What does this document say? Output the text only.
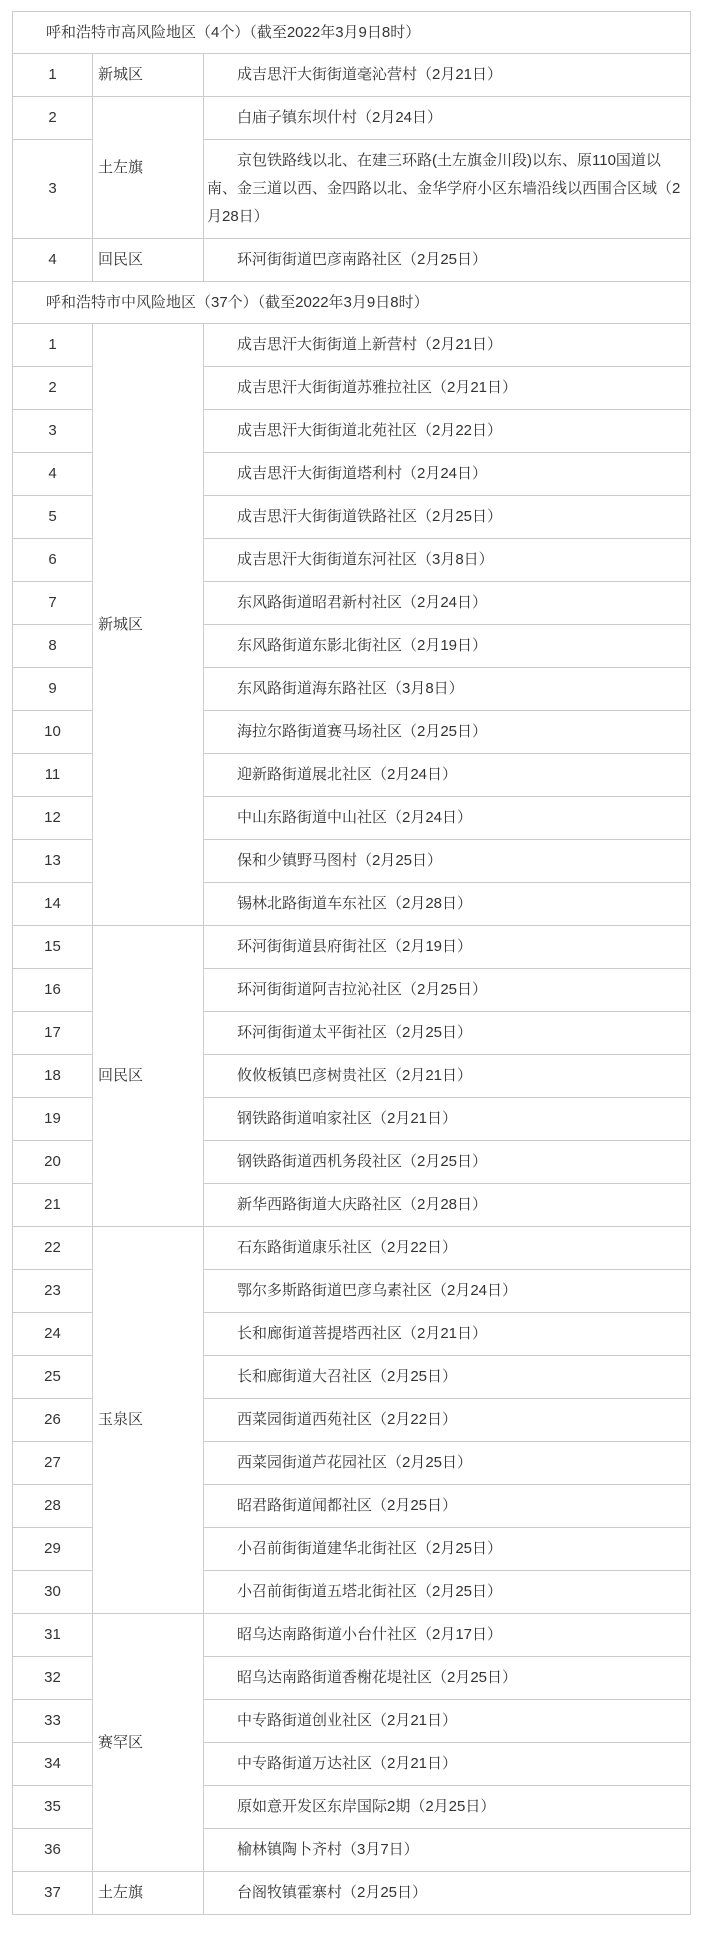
呼和浩特市高风险地区（4个）（截至2022年3月9日8时）		
1	新城区	成吉思汗大街街道毫沁营村（2月21日）
2	土左旗	白庙子镇东坝什村（2月24日）
3		京包铁路线以北、在建三环路(土左旗金川段)以东、原110国道以南、金三道以西、金四路以北、金华学府小区东墙沿线以西围合区域（2月28日）
4	回民区	环河街街道巴彦南路社区（2月25日）
呼和浩特市中风险地区（37个）（截至2022年3月9日8时）		
1	新城区	成吉思汗大街街道上新营村（2月21日）
2		成吉思汗大街街道苏雅拉社区（2月21日）
3		成吉思汗大街街道北苑社区（2月22日）
4		成吉思汗大街街道塔利村（2月24日）
5		成吉思汗大街街道铁路社区（2月25日）
6		成吉思汗大街街道东河社区（3月8日）
7		东风路街道昭君新村社区（2月24日）
8		东风路街道东影北街社区（2月19日）
9		东风路街道海东路社区（3月8日）
10		海拉尔路街道赛马场社区（2月25日）
11		迎新路街道展北社区（2月24日）
12		中山东路街道中山社区（2月24日）
13		保和少镇野马图村（2月25日）
14		锡林北路街道车东社区（2月28日）
15	回民区	环河街街道县府街社区（2月19日）
16		环河街街道阿吉拉沁社区（2月25日）
17		环河街街道太平街社区（2月25日）
18		攸攸板镇巴彦树贵社区（2月21日）
19		钢铁路街道咱家社区（2月21日）
20		钢铁路街道西机务段社区（2月25日）
21		新华西路街道大庆路社区（2月28日）
22	玉泉区	石东路街道康乐社区（2月22日）
23		鄂尔多斯路街道巴彦乌素社区（2月24日）
24		长和廊街道菩提塔西社区（2月21日）
25		长和廊街道大召社区（2月25日）
26		西菜园街道西苑社区（2月22日）
27		西菜园街道芦花园社区（2月25日）
28		昭君路街道闻都社区（2月25日）
29		小召前街街道建华北街社区（2月25日）
30		小召前街街道五塔北街社区（2月25日）
31	赛罕区	昭乌达南路街道小台什社区（2月17日）
32		昭乌达南路街道香榭花堤社区（2月25日）
33		中专路街道创业社区（2月21日）
34		中专路街道万达社区（2月21日）
35		原如意开发区东岸国际2期（2月25日）
36		榆林镇陶卜齐村（3月7日）
37	土左旗	台阁牧镇霍寨村（2月25日）
